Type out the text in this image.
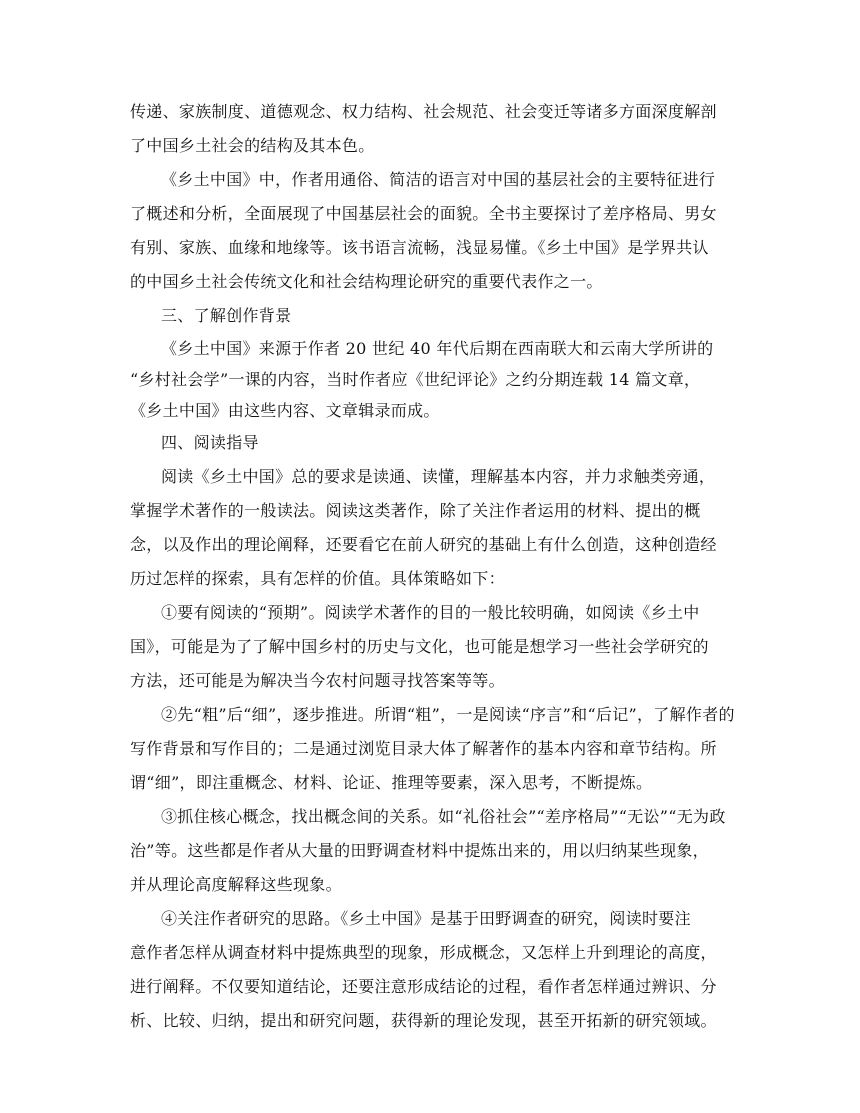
传递、家族制度、道德观念、权力结构、社会规范、社会变迁等诸多方面深度解剖
了中国乡土社会的结构及其本色。
《乡土中国》中，作者用通俗、简洁的语言对中国的基层社会的主要特征进行
了概述和分析，全面展现了中国基层社会的面貌。全书主要探讨了差序格局、男女
有别、家族、血缘和地缘等。该书语言流畅，浅显易懂。《乡土中国》是学界共认
的中国乡土社会传统文化和社会结构理论研究的重要代表作之一。
三、了解创作背景
《乡土中国》来源于作者 20 世纪 40 年代后期在西南联大和云南大学所讲的
“乡村社会学”一课的内容，当时作者应《世纪评论》之约分期连载 14 篇文章，
《乡土中国》由这些内容、文章辑录而成。
四、阅读指导
阅读《乡土中国》总的要求是读通、读懂，理解基本内容，并力求触类旁通，
掌握学术著作的一般读法。阅读这类著作，除了关注作者运用的材料、提出的概
念，以及作出的理论阐释，还要看它在前人研究的基础上有什么创造，这种创造经
历过怎样的探索，具有怎样的价值。具体策略如下：
①要有阅读的“预期”。阅读学术著作的目的一般比较明确，如阅读《乡土中
国》，可能是为了了解中国乡村的历史与文化，也可能是想学习一些社会学研究的
方法，还可能是为解决当今农村问题寻找答案等等。
②先“粗”后“细”，逐步推进。所谓“粗”，一是阅读“序言”和“后记”，了解作者的
写作背景和写作目的；二是通过浏览目录大体了解著作的基本内容和章节结构。所
谓“细”，即注重概念、材料、论证、推理等要素，深入思考，不断提炼。
③抓住核心概念，找出概念间的关系。如“礼俗社会”“差序格局”“无讼”“无为政
治”等。这些都是作者从大量的田野调查材料中提炼出来的，用以归纳某些现象，
并从理论高度解释这些现象。
④关注作者研究的思路。《乡土中国》是基于田野调查的研究，阅读时要注
意作者怎样从调查材料中提炼典型的现象，形成概念，又怎样上升到理论的高度，
进行阐释。不仅要知道结论，还要注意形成结论的过程，看作者怎样通过辨识、分
析、比较、归纳，提出和研究问题，获得新的理论发现，甚至开拓新的研究领域。
